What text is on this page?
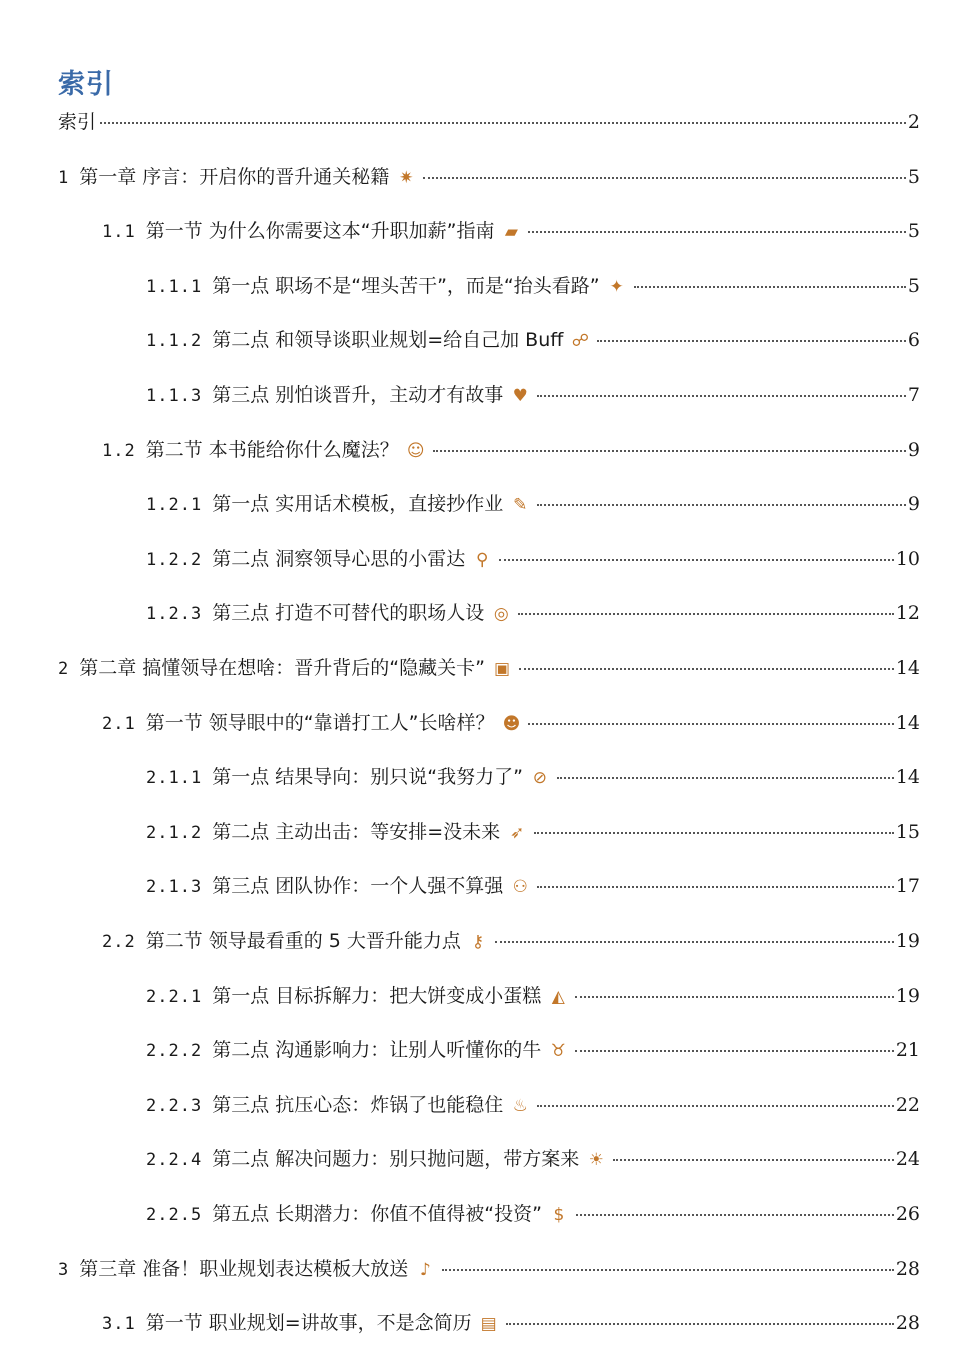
索引
索引	2
1 第一章 序言：开启你的晋升通关秘籍 ✷	5
1.1 第一节 为什么你需要这本“升职加薪”指南 ▰	5
1.1.1 第一点 职场不是“埋头苦干”，而是“抬头看路” ✦	5
1.1.2 第二点 和领导谈职业规划=给自己加 Buff ☍	6
1.1.3 第三点 别怕谈晋升，主动才有故事 ♥	7
1.2 第二节 本书能给你什么魔法？ ☺	9
1.2.1 第一点 实用话术模板，直接抄作业 ✎	9
1.2.2 第二点 洞察领导心思的小雷达 ⚲	10
1.2.3 第三点 打造不可替代的职场人设 ◎	12
2 第二章 搞懂领导在想啥：晋升背后的“隐藏关卡” ▣	14
2.1 第一节 领导眼中的“靠谱打工人”长啥样？ ☻	14
2.1.1 第一点 结果导向：别只说“我努力了” ⊘	14
2.1.2 第二点 主动出击：等安排=没未来 ➶	15
2.1.3 第三点 团队协作：一个人强不算强 ⚇	17
2.2 第二节 领导最看重的 5 大晋升能力点 ⚷	19
2.2.1 第一点 目标拆解力：把大饼变成小蛋糕 ◭	19
2.2.2 第二点 沟通影响力：让别人听懂你的牛 ♉	21
2.2.3 第三点 抗压心态：炸锅了也能稳住 ♨	22
2.2.4 第二点 解决问题力：别只抛问题，带方案来 ☀	24
2.2.5 第五点 长期潜力：你值不值得被“投资” $	26
3 第三章 准备！职业规划表达模板大放送 ♪	28
3.1 第一节 职业规划=讲故事，不是念简历 ▤	28
